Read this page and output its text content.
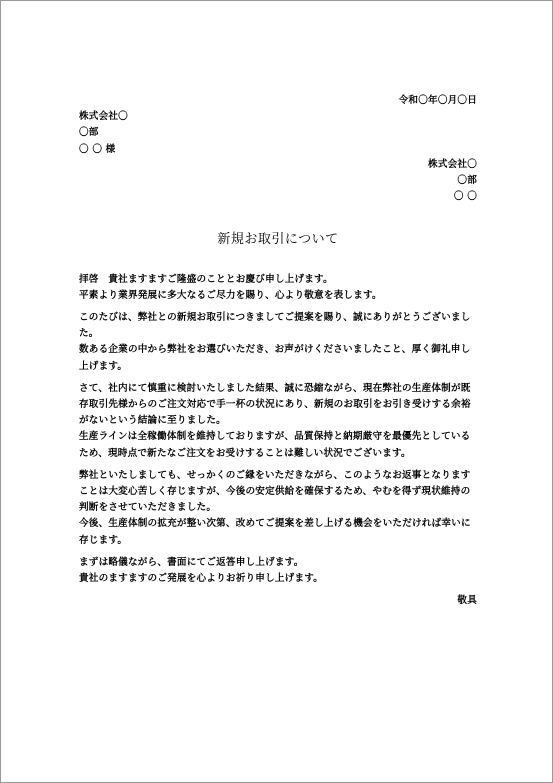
令和〇年〇月〇日
株式会社〇
〇部
〇 〇 様
株式会社〇
〇部
〇 〇
新規お取引について
拝啓　貴社ますますご隆盛のこととお慶び申し上げます。
平素より業界発展に多大なるご尽力を賜り、心より敬意を表します。
このたびは、弊社との新規お取引につきましてご提案を賜り、誠にありがとうございました。
数ある企業の中から弊社をお選びいただき、お声がけくださいましたこと、厚く御礼申し上げます。
さて、社内にて慎重に検討いたしました結果、誠に恐縮ながら、現在弊社の生産体制が既存取引先様からのご注文対応で手一杯の状況にあり、新規のお取引をお引き受けする余裕がないという結論に至りました。
生産ラインは全稼働体制を維持しておりますが、品質保持と納期厳守を最優先としているため、現時点で新たなご注文をお受けすることは難しい状況でございます。
弊社といたしましても、せっかくのご縁をいただきながら、このようなお返事となりますことは大変心苦しく存じますが、今後の安定供給を確保するため、やむを得ず現状維持の判断をさせていただきました。
今後、生産体制の拡充が整い次第、改めてご提案を差し上げる機会をいただければ幸いに存じます。
まずは略儀ながら、書面にてご返答申し上げます。
貴社のますますのご発展を心よりお祈り申し上げます。
敬具
